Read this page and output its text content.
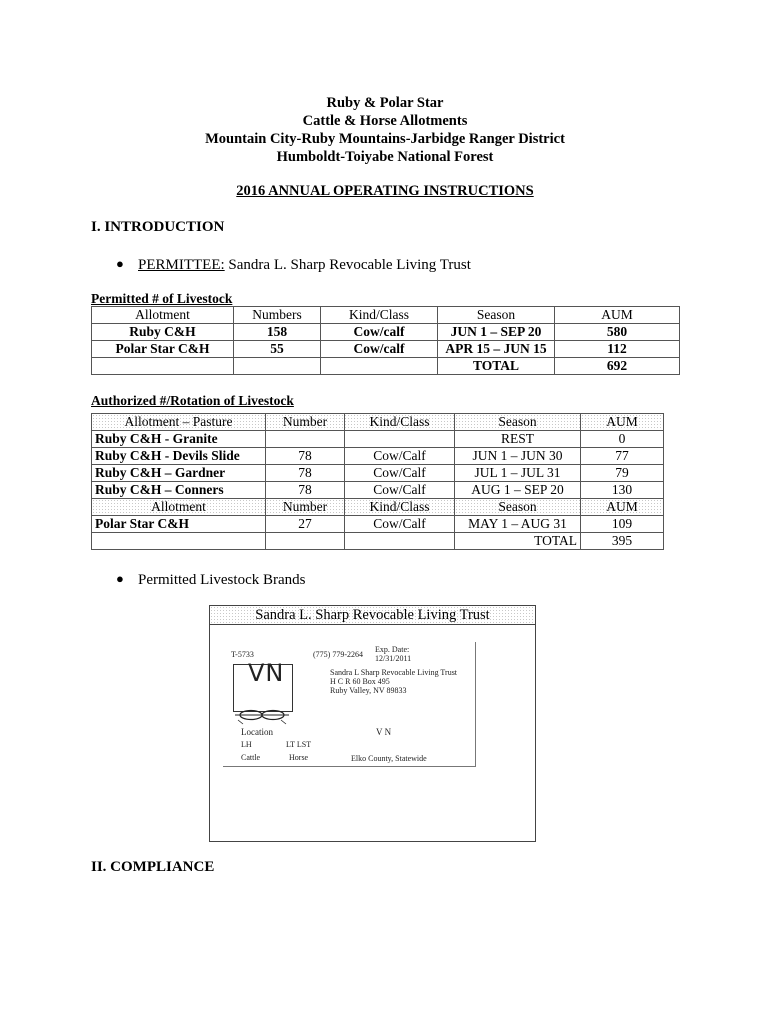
Ruby & Polar Star
Cattle & Horse Allotments
Mountain City-Ruby Mountains-Jarbidge Ranger District
Humboldt-Toiyabe National Forest
2016 ANNUAL OPERATING INSTRUCTIONS
I. INTRODUCTION
● PERMITTEE: Sandra L. Sharp Revocable Living Trust
Permitted # of Livestock
Allotment	Numbers	Kind/Class	Season	AUM
Ruby C&H	158	Cow/calf	JUN 1 – SEP 20	580
Polar Star C&H	55	Cow/calf	APR 15 – JUN 15	112
			TOTAL	692
Authorized #/Rotation of Livestock
Allotment – Pasture	Number	Kind/Class	Season	AUM
Ruby C&H - Granite			REST	0
Ruby C&H - Devils Slide	78	Cow/Calf	JUN 1 – JUN 30	77
Ruby C&H – Gardner	78	Cow/Calf	JUL 1 – JUL 31	79
Ruby C&H – Conners	78	Cow/Calf	AUG 1 – SEP 20	130
Allotment	Number	Kind/Class	Season	AUM
Polar Star C&H	27	Cow/Calf	MAY 1 – AUG 31	109
			TOTAL	395
● Permitted Livestock Brands
Sandra L. Sharp Revocable Living Trust
T-5733	(775) 779-2264
Exp. Date:
12/31/2011
Sandra L Sharp Revocable Living Trust
H C R 60 Box 495
Ruby Valley, NV 89833
VN
Location	V N
LH	LT LST
Cattle	Horse	Elko County, Statewide
II. COMPLIANCE
